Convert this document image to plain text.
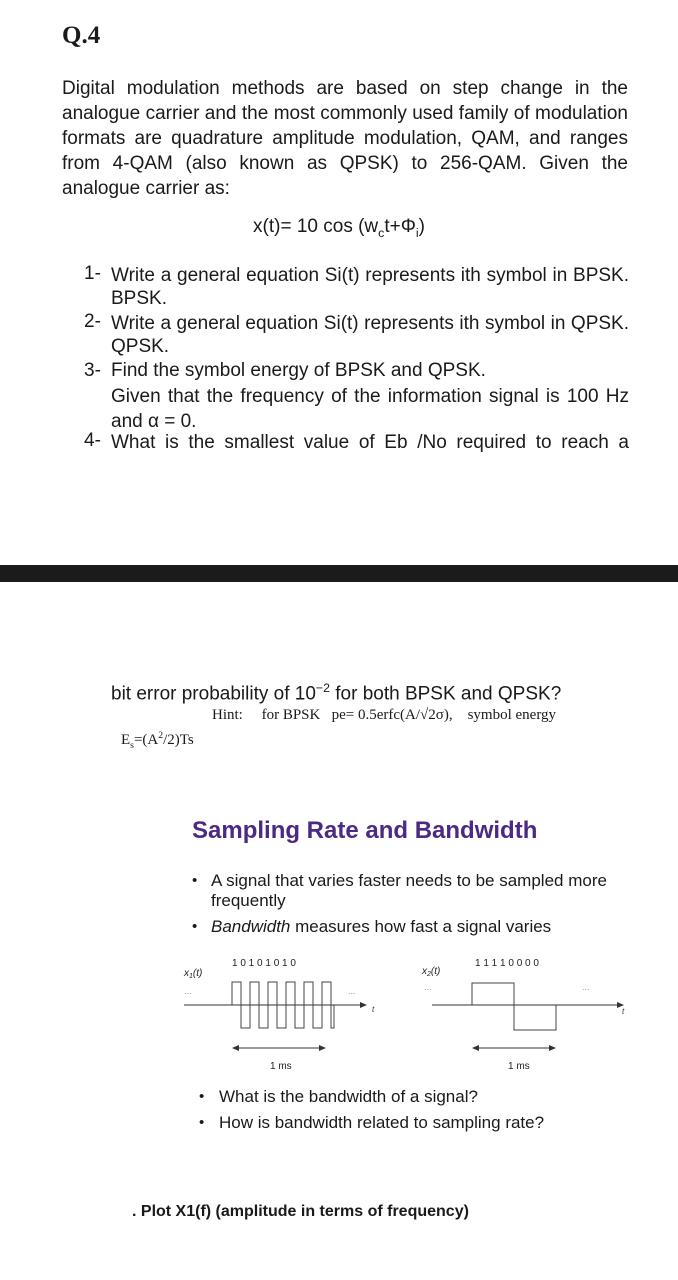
Q.4
Digital modulation methods are based on step change in the analogue carrier and the most commonly used family of modulation formats are quadrature amplitude modulation, QAM, and ranges from 4-QAM (also known as QPSK) to 256-QAM. Given the analogue carrier as:
x(t)= 10 $\cos (w_ct+\Phi_i)$
1- Write a general equation Si(t) represents ith symbol in BPSK.
BPSK.
2- Write a general equation Si(t) represents ith symbol in QPSK.
QPSK.
3- Find the symbol energy of BPSK and QPSK.
Given that the frequency of the information signal is 100 Hz and α = 0.
4- What is the smallest value of Eb /No required to reach a
bit error probability of $10^{-2}$ for both BPSK and QPSK?
Hint:     for BPSK   pe= 0.5erfc(A/√2σ),    symbol energy
$E_s=(A^2/2)Ts$
Sampling Rate and Bandwidth
• A signal that varies faster needs to be sampled more frequently
• Bandwidth measures how fast a signal varies
1 0 1 0 1 0 1 0
$x_1(t)$
...	...
t
1 ms
1 1 1 1 0 0 0 0
$x_2(t)$
...	...
t
1 ms
• What is the bandwidth of a signal?
• How is bandwidth related to sampling rate?
. Plot X1(f) (amplitude in terms of frequency)
